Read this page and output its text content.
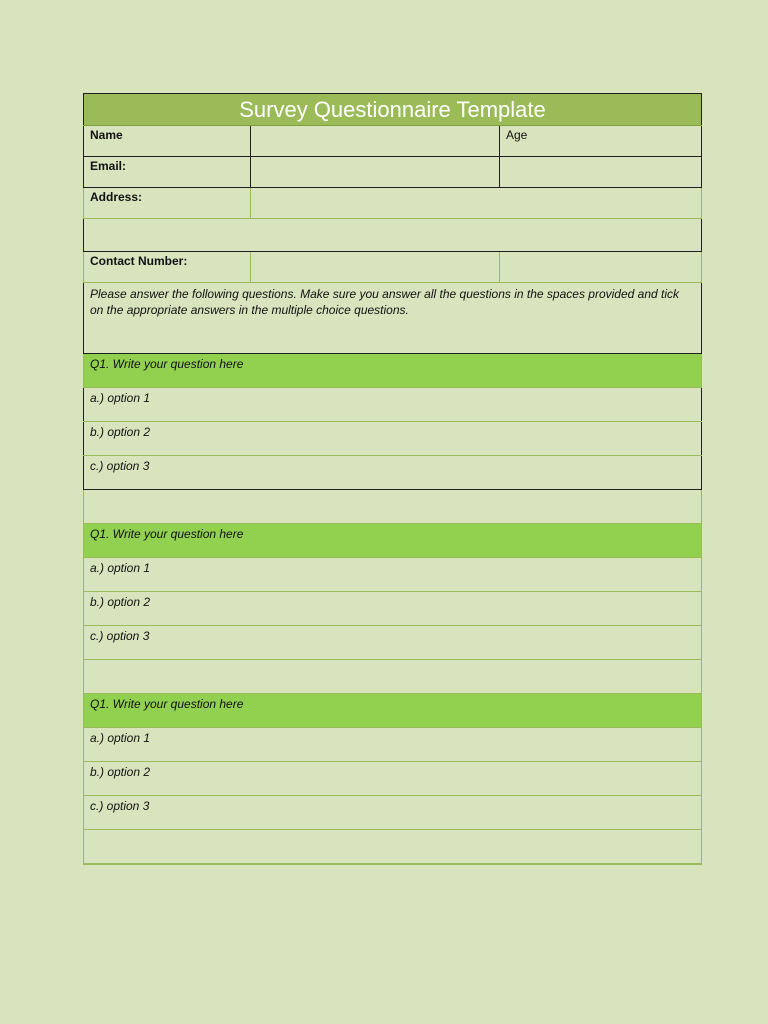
Survey Questionnaire Template		
Name		Age
Email:		
Address:		

Contact Number:		
Please answer the following questions. Make sure you answer all the questions in the spaces provided and tick on the appropriate answers in the multiple choice questions.		
Q1. Write your question here		
a.) option 1		
b.) option 2		
c.) option 3		

Q1. Write your question here		
a.) option 1		
b.) option 2		
c.) option 3		

Q1. Write your question here		
a.) option 1		
b.) option 2		
c.) option 3		
